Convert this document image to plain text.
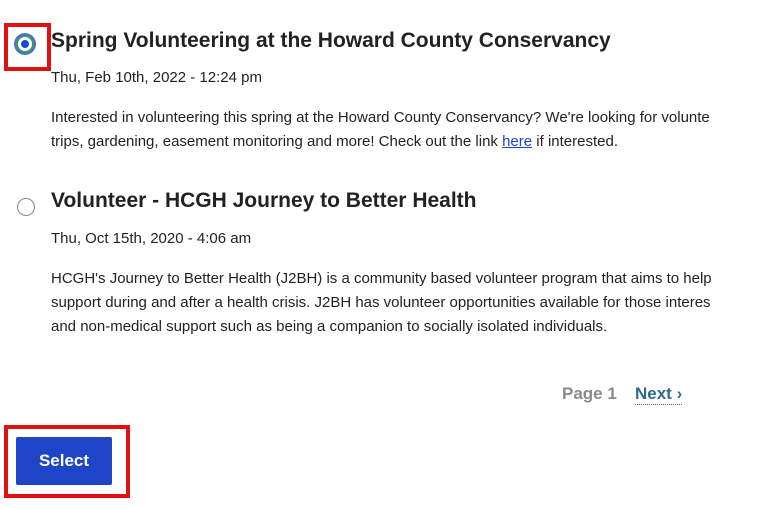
Spring Volunteering at the Howard County Conservancy
Thu, Feb 10th, 2022 - 12:24 pm
Interested in volunteering this spring at the Howard County Conservancy? We're looking for volunte
trips, gardening, easement monitoring and more! Check out the link here if interested.
Volunteer - HCGH Journey to Better Health
Thu, Oct 15th, 2020 - 4:06 am
HCGH's Journey to Better Health (J2BH) is a community based volunteer program that aims to help
support during and after a health crisis. J2BH has volunteer opportunities available for those interes
and non-medical support such as being a companion to socially isolated individuals.
Page 1 Next ›
Select
